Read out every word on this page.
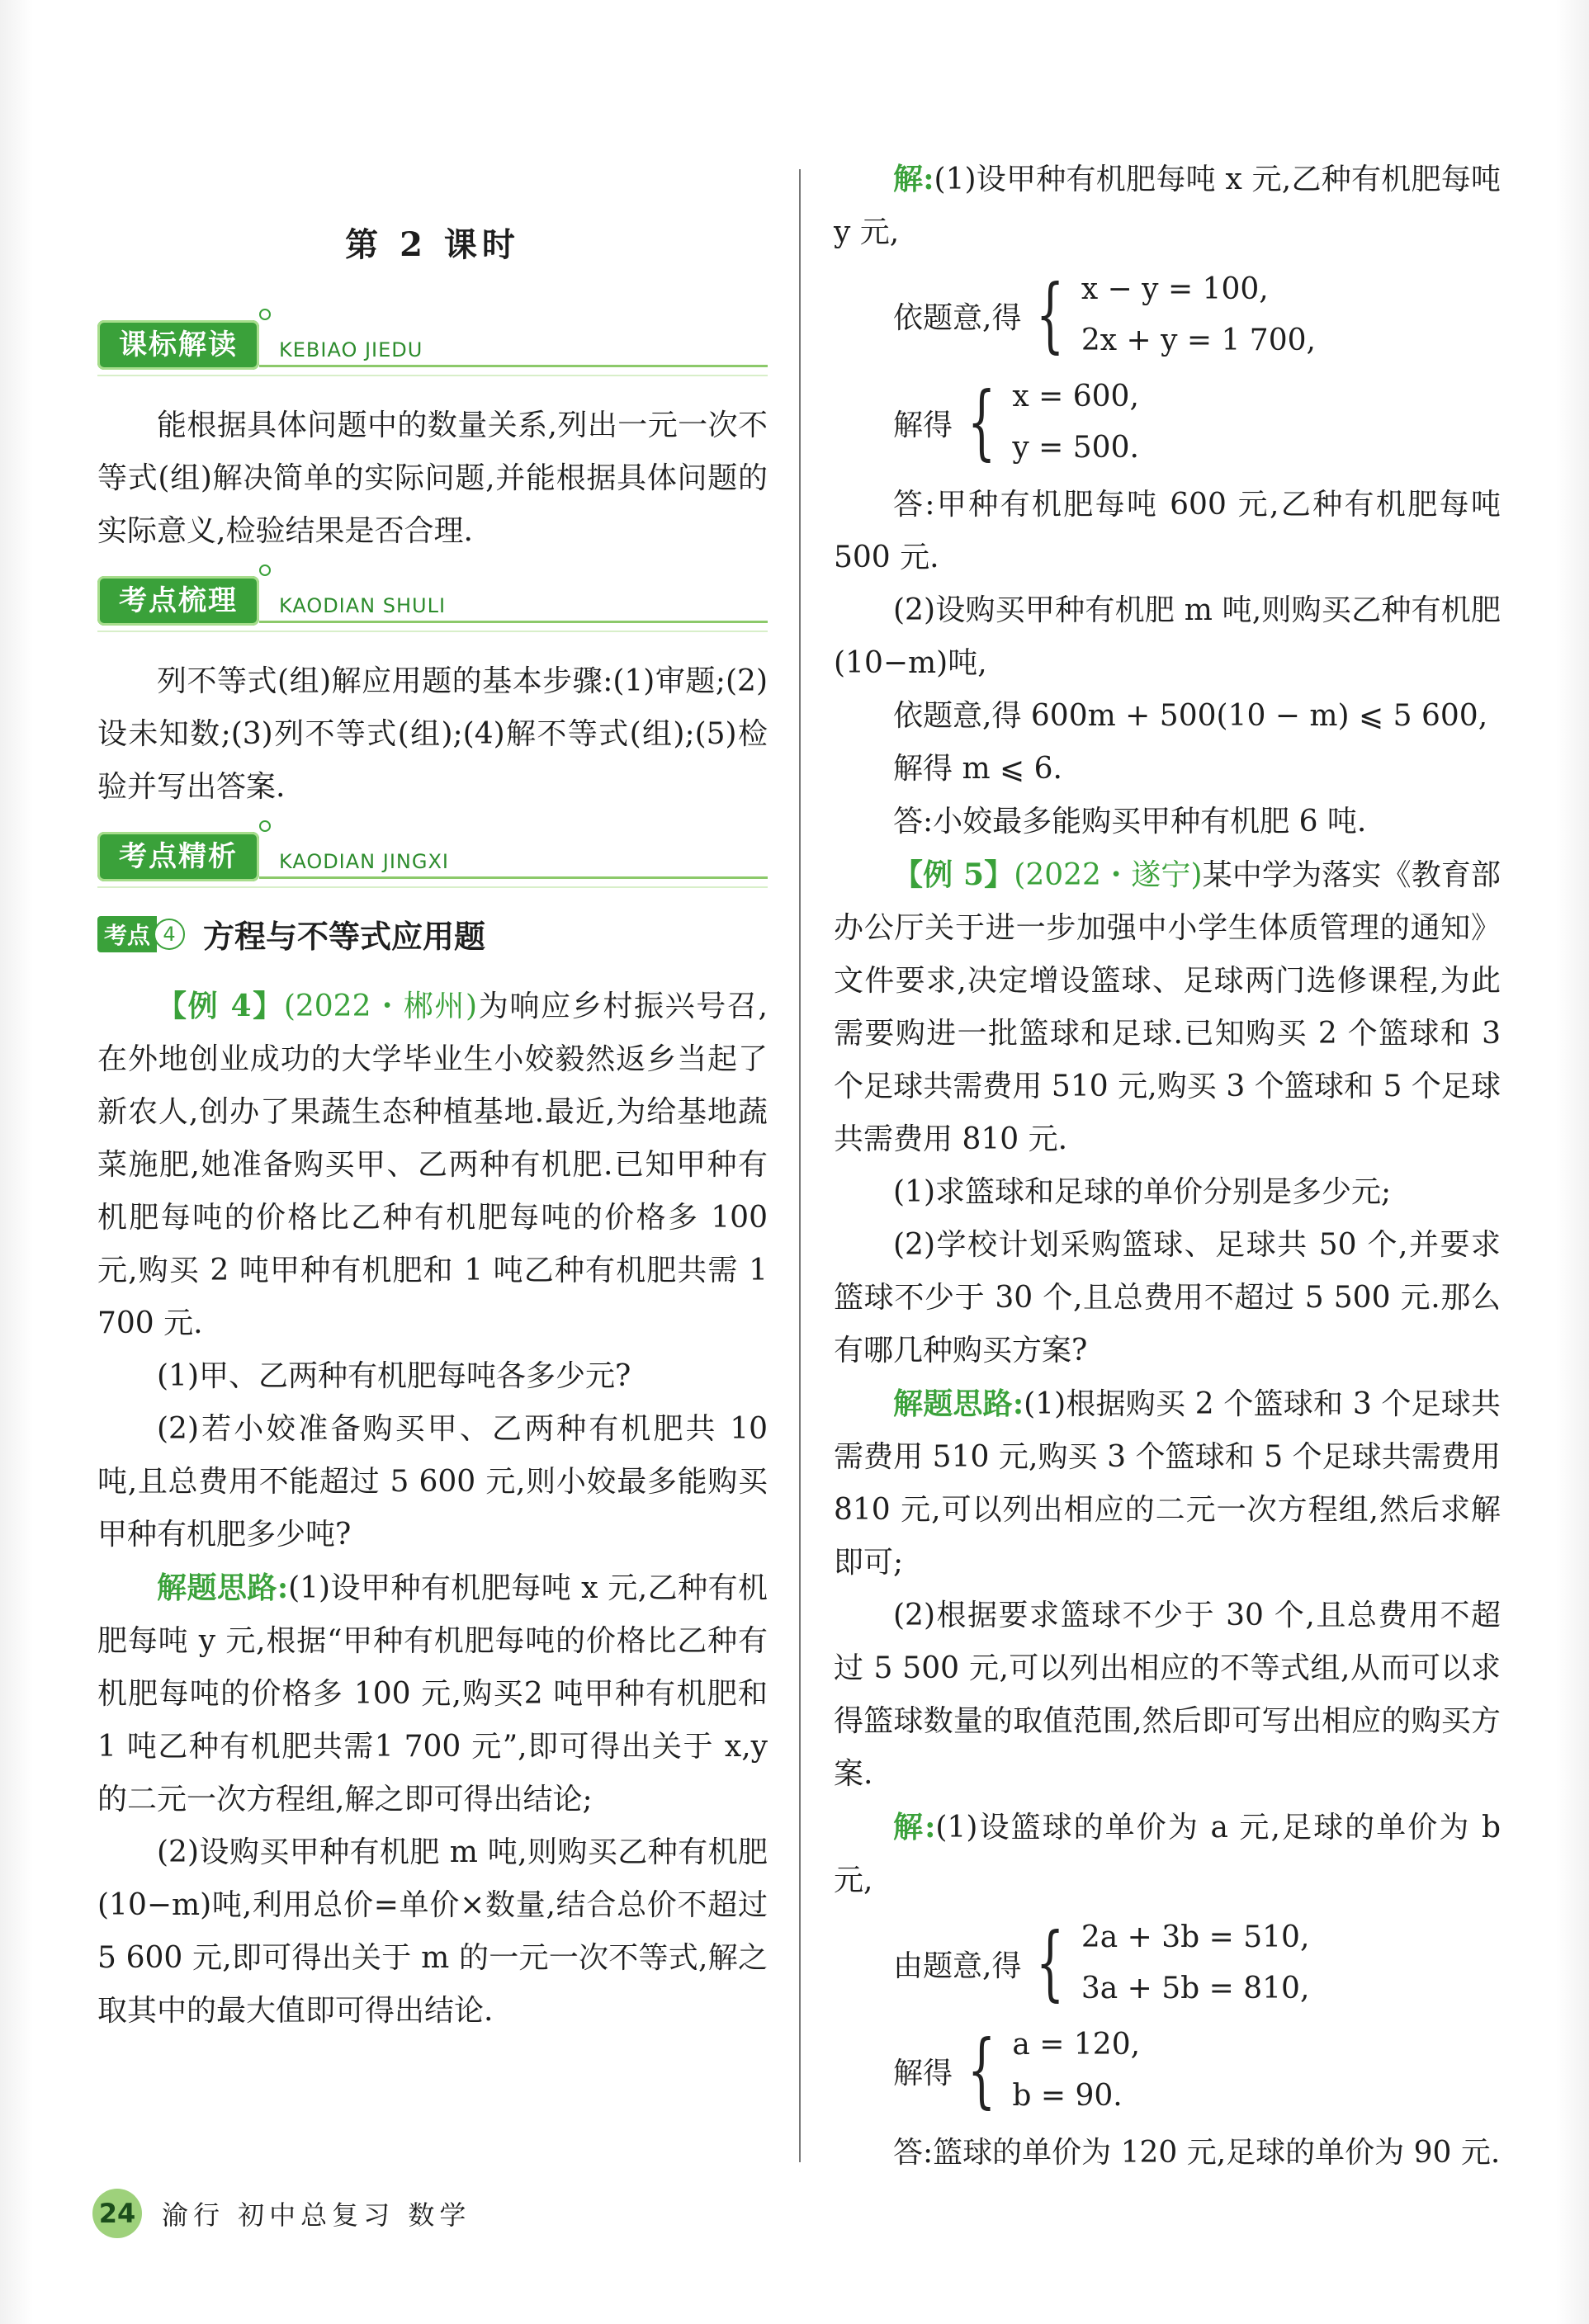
第 2 课时
课标解读	KEBIAO JIEDU

能根据具体问题中的数量关系,列出一元一次不等式(组)解决简单的实际问题,并能根据具体问题的实际意义,检验结果是否合理.

考点梳理	KAODIAN SHULI

列不等式(组)解应用题的基本步骤:(1)审题;(2)设未知数;(3)列不等式(组);(4)解不等式(组);(5)检验并写出答案.

考点精析	KAODIAN JINGXI
考点 4 方程与不等式应用题

【例 4】(2022・郴州)为响应乡村振兴号召,在外地创业成功的大学毕业生小姣毅然返乡当起了新农人,创办了果蔬生态种植基地.最近,为给基地蔬菜施肥,她准备购买甲、乙两种有机肥.已知甲种有机肥每吨的价格比乙种有机肥每吨的价格多 100 元,购买 2 吨甲种有机肥和 1 吨乙种有机肥共需 1 700 元.

(1)甲、乙两种有机肥每吨各多少元?

(2)若小姣准备购买甲、乙两种有机肥共 10 吨,且总费用不能超过 5 600 元,则小姣最多能购买甲种有机肥多少吨?

解题思路:(1)设甲种有机肥每吨 x 元,乙种有机肥每吨 y 元,根据“甲种有机肥每吨的价格比乙种有机肥每吨的价格多 100 元,购买2 吨甲种有机肥和 1 吨乙种有机肥共需1 700 元”,即可得出关于 x,y 的二元一次方程组,解之即可得出结论;

(2)设购买甲种有机肥 m 吨,则购买乙种有机肥(10−m)吨,利用总价=单价×数量,结合总价不超过 5 600 元,即可得出关于 m 的一元一次不等式,解之取其中的最大值即可得出结论.

解:(1)设甲种有机肥每吨 x 元,乙种有机肥每吨 y 元,

依题意,得 { x − y = 100,
2x + y = 1 700,
解得 { x = 600,
y = 500.

答:甲种有机肥每吨 600 元,乙种有机肥每吨 500 元.

(2)设购买甲种有机肥 m 吨,则购买乙种有机肥(10−m)吨,

依题意,得 600m + 500(10 − m) ⩽ 5 600,

解得 m ⩽ 6.

答:小姣最多能购买甲种有机肥 6 吨.

【例 5】(2022・遂宁)某中学为落实《教育部办公厅关于进一步加强中小学生体质管理的通知》文件要求,决定增设篮球、足球两门选修课程,为此需要购进一批篮球和足球.已知购买 2 个篮球和 3 个足球共需费用 510 元,购买 3 个篮球和 5 个足球共需费用 810 元.

(1)求篮球和足球的单价分别是多少元;

(2)学校计划采购篮球、足球共 50 个,并要求篮球不少于 30 个,且总费用不超过 5 500 元.那么有哪几种购买方案?

解题思路:(1)根据购买 2 个篮球和 3 个足球共需费用 510 元,购买 3 个篮球和 5 个足球共需费用 810 元,可以列出相应的二元一次方程组,然后求解即可;

(2)根据要求篮球不少于 30 个,且总费用不超过 5 500 元,可以列出相应的不等式组,从而可以求得篮球数量的取值范围,然后即可写出相应的购买方案.

解:(1)设篮球的单价为 a 元,足球的单价为 b 元,

由题意,得 { 2a + 3b = 510,
3a + 5b = 810,
解得 { a = 120,
b = 90.

答:篮球的单价为 120 元,足球的单价为 90 元.

24 渝行 初中总复习 数学
